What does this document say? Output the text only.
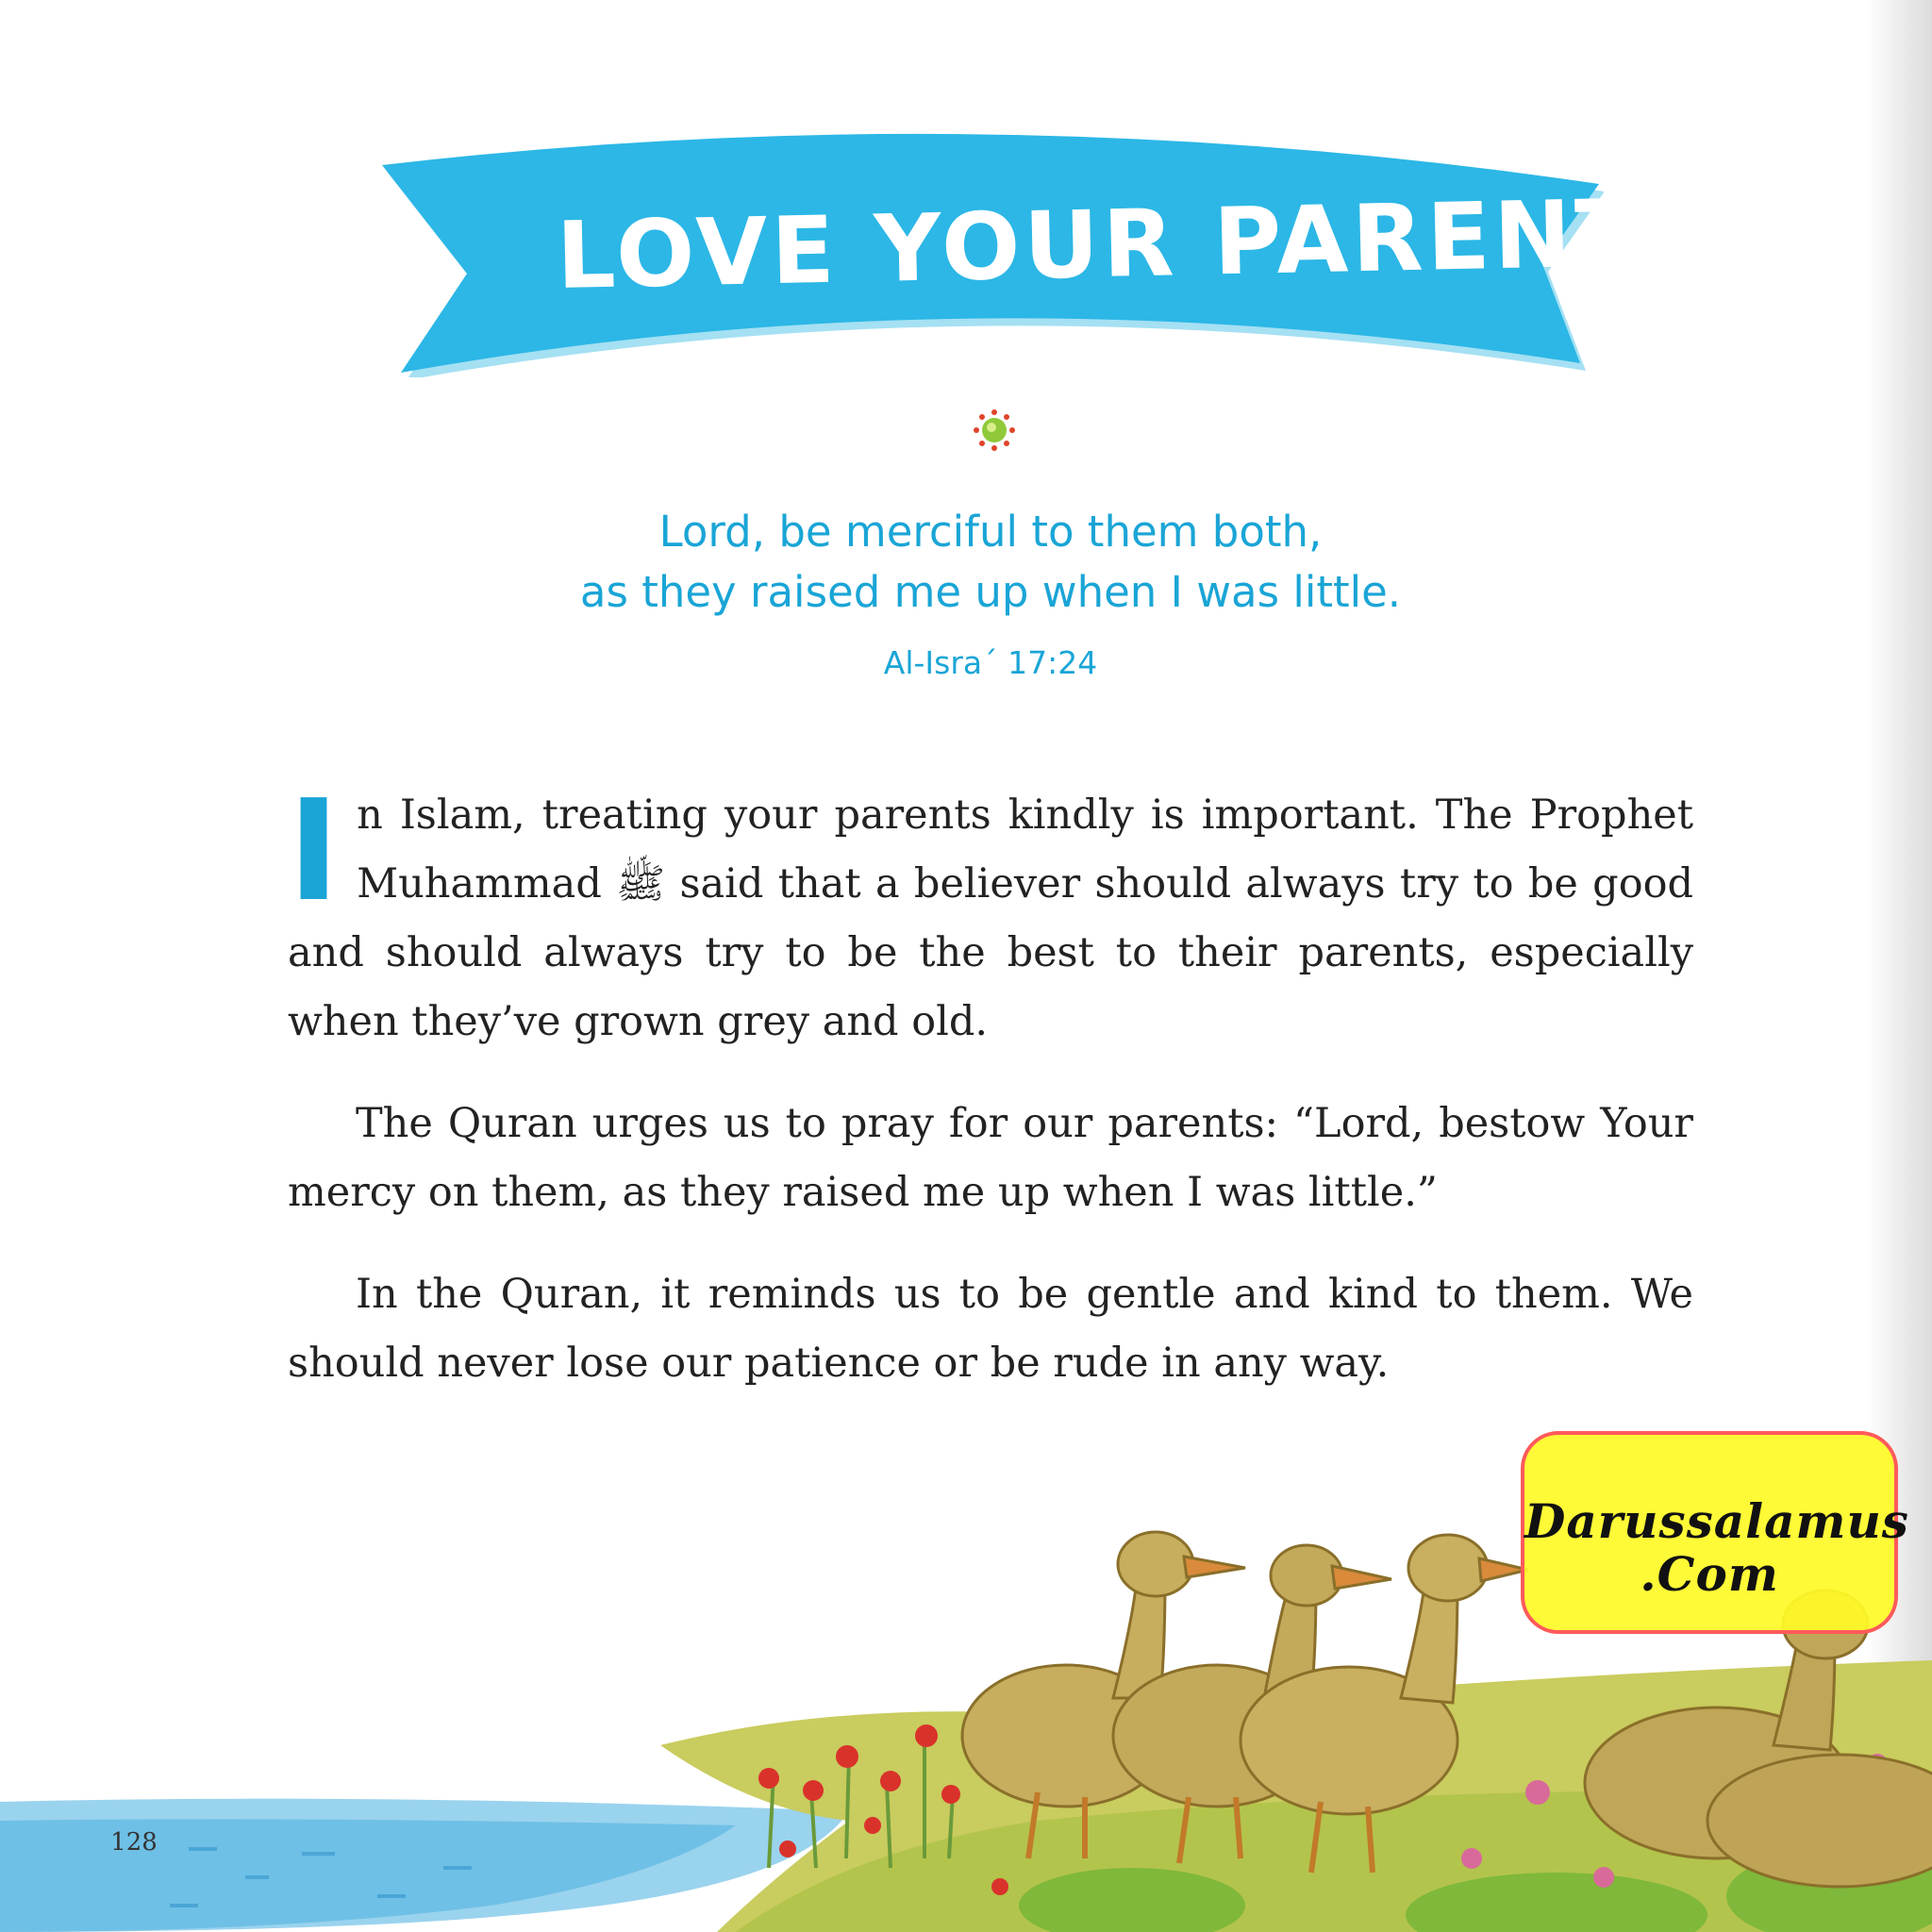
LOVE YOUR PARENTS
Lord, be merciful to them both,
as they raised me up when I was little.
Al-Isra´ 17:24

I n Islam, treating your parents kindly is important. The Prophet Muhammad ﷺ said that a believer should always try to be good and should always try to be the best to their parents, especially when they’ve grown grey and old.

The Quran urges us to pray for our parents: “Lord, bestow Your mercy on them, as they raised me up when I was little.”

In the Quran, it reminds us to be gentle and kind to them. We should never lose our patience or be rude in any way.

128
Darussalamus
.Com
